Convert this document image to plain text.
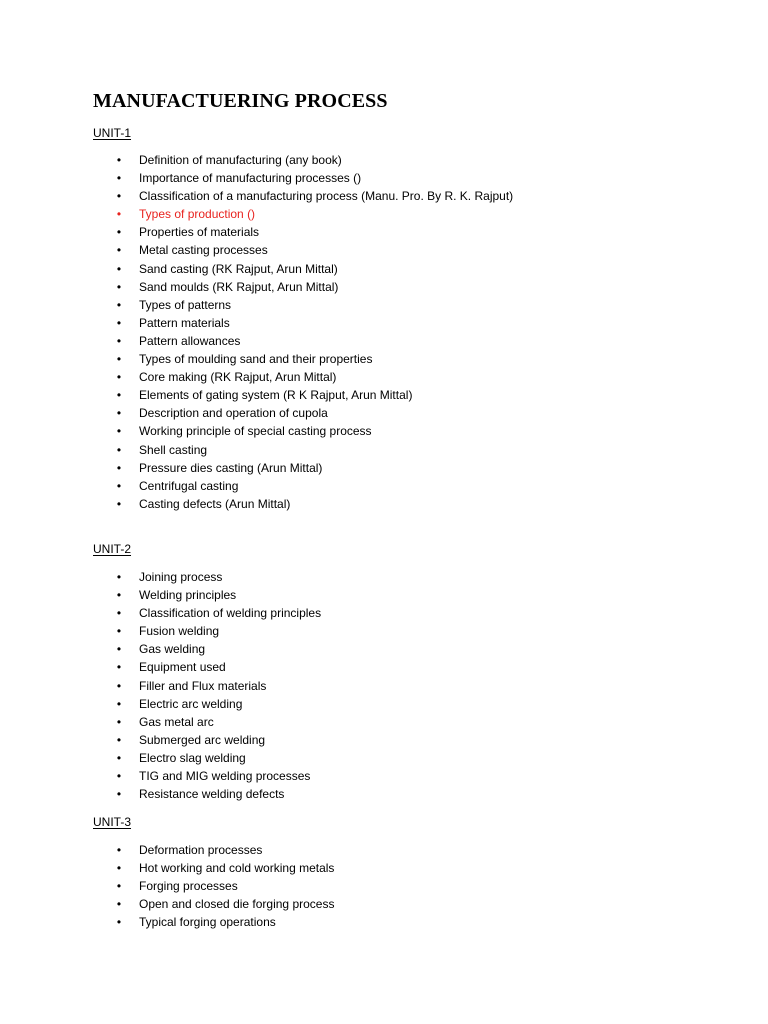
MANUFACTUERING PROCESS
UNIT-1
• Definition of manufacturing (any book)
• Importance of manufacturing processes ()
• Classification of a manufacturing process (Manu. Pro. By R. K. Rajput)
• Types of production ()
• Properties of materials
• Metal casting processes
• Sand casting (RK Rajput, Arun Mittal)
• Sand moulds (RK Rajput, Arun Mittal)
• Types of patterns
• Pattern materials
• Pattern allowances
• Types of moulding sand and their properties
• Core making (RK Rajput, Arun Mittal)
• Elements of gating system (R K Rajput, Arun Mittal)
• Description and operation of cupola
• Working principle of special casting process
• Shell casting
• Pressure dies casting (Arun Mittal)
• Centrifugal casting
• Casting defects (Arun Mittal)
UNIT-2
• Joining process
• Welding principles
• Classification of welding principles
• Fusion welding
• Gas welding
• Equipment used
• Filler and Flux materials
• Electric arc welding
• Gas metal arc
• Submerged arc welding
• Electro slag welding
• TIG and MIG welding processes
• Resistance welding defects
UNIT-3
• Deformation processes
• Hot working and cold working metals
• Forging processes
• Open and closed die forging process
• Typical forging operations
